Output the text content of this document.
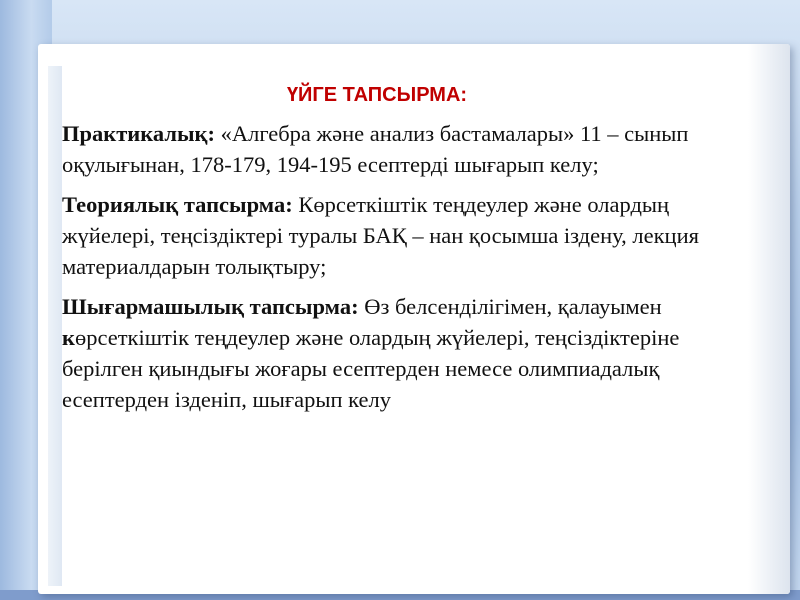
ҮЙГЕ ТАПСЫРМА:

Практикалық: «Алгебра және анализ бастамалары» 11 – сынып оқулығынан, 178-179, 194-195 есептерді шығарып келу;

Теориялық тапсырма: Көрсеткіштік теңдеулер және олардың жүйелері, теңсіздіктері туралы БАҚ – нан қосымша іздену, лекция материалдарын толықтыру;

Шығармашылық тапсырма: Өз белсенділігімен, қалауымен көрсеткіштік теңдеулер және олардың жүйелері, теңсіздіктеріне берілген қиындығы жоғары есептерден немесе олимпиадалық есептерден ізденіп, шығарып келу
